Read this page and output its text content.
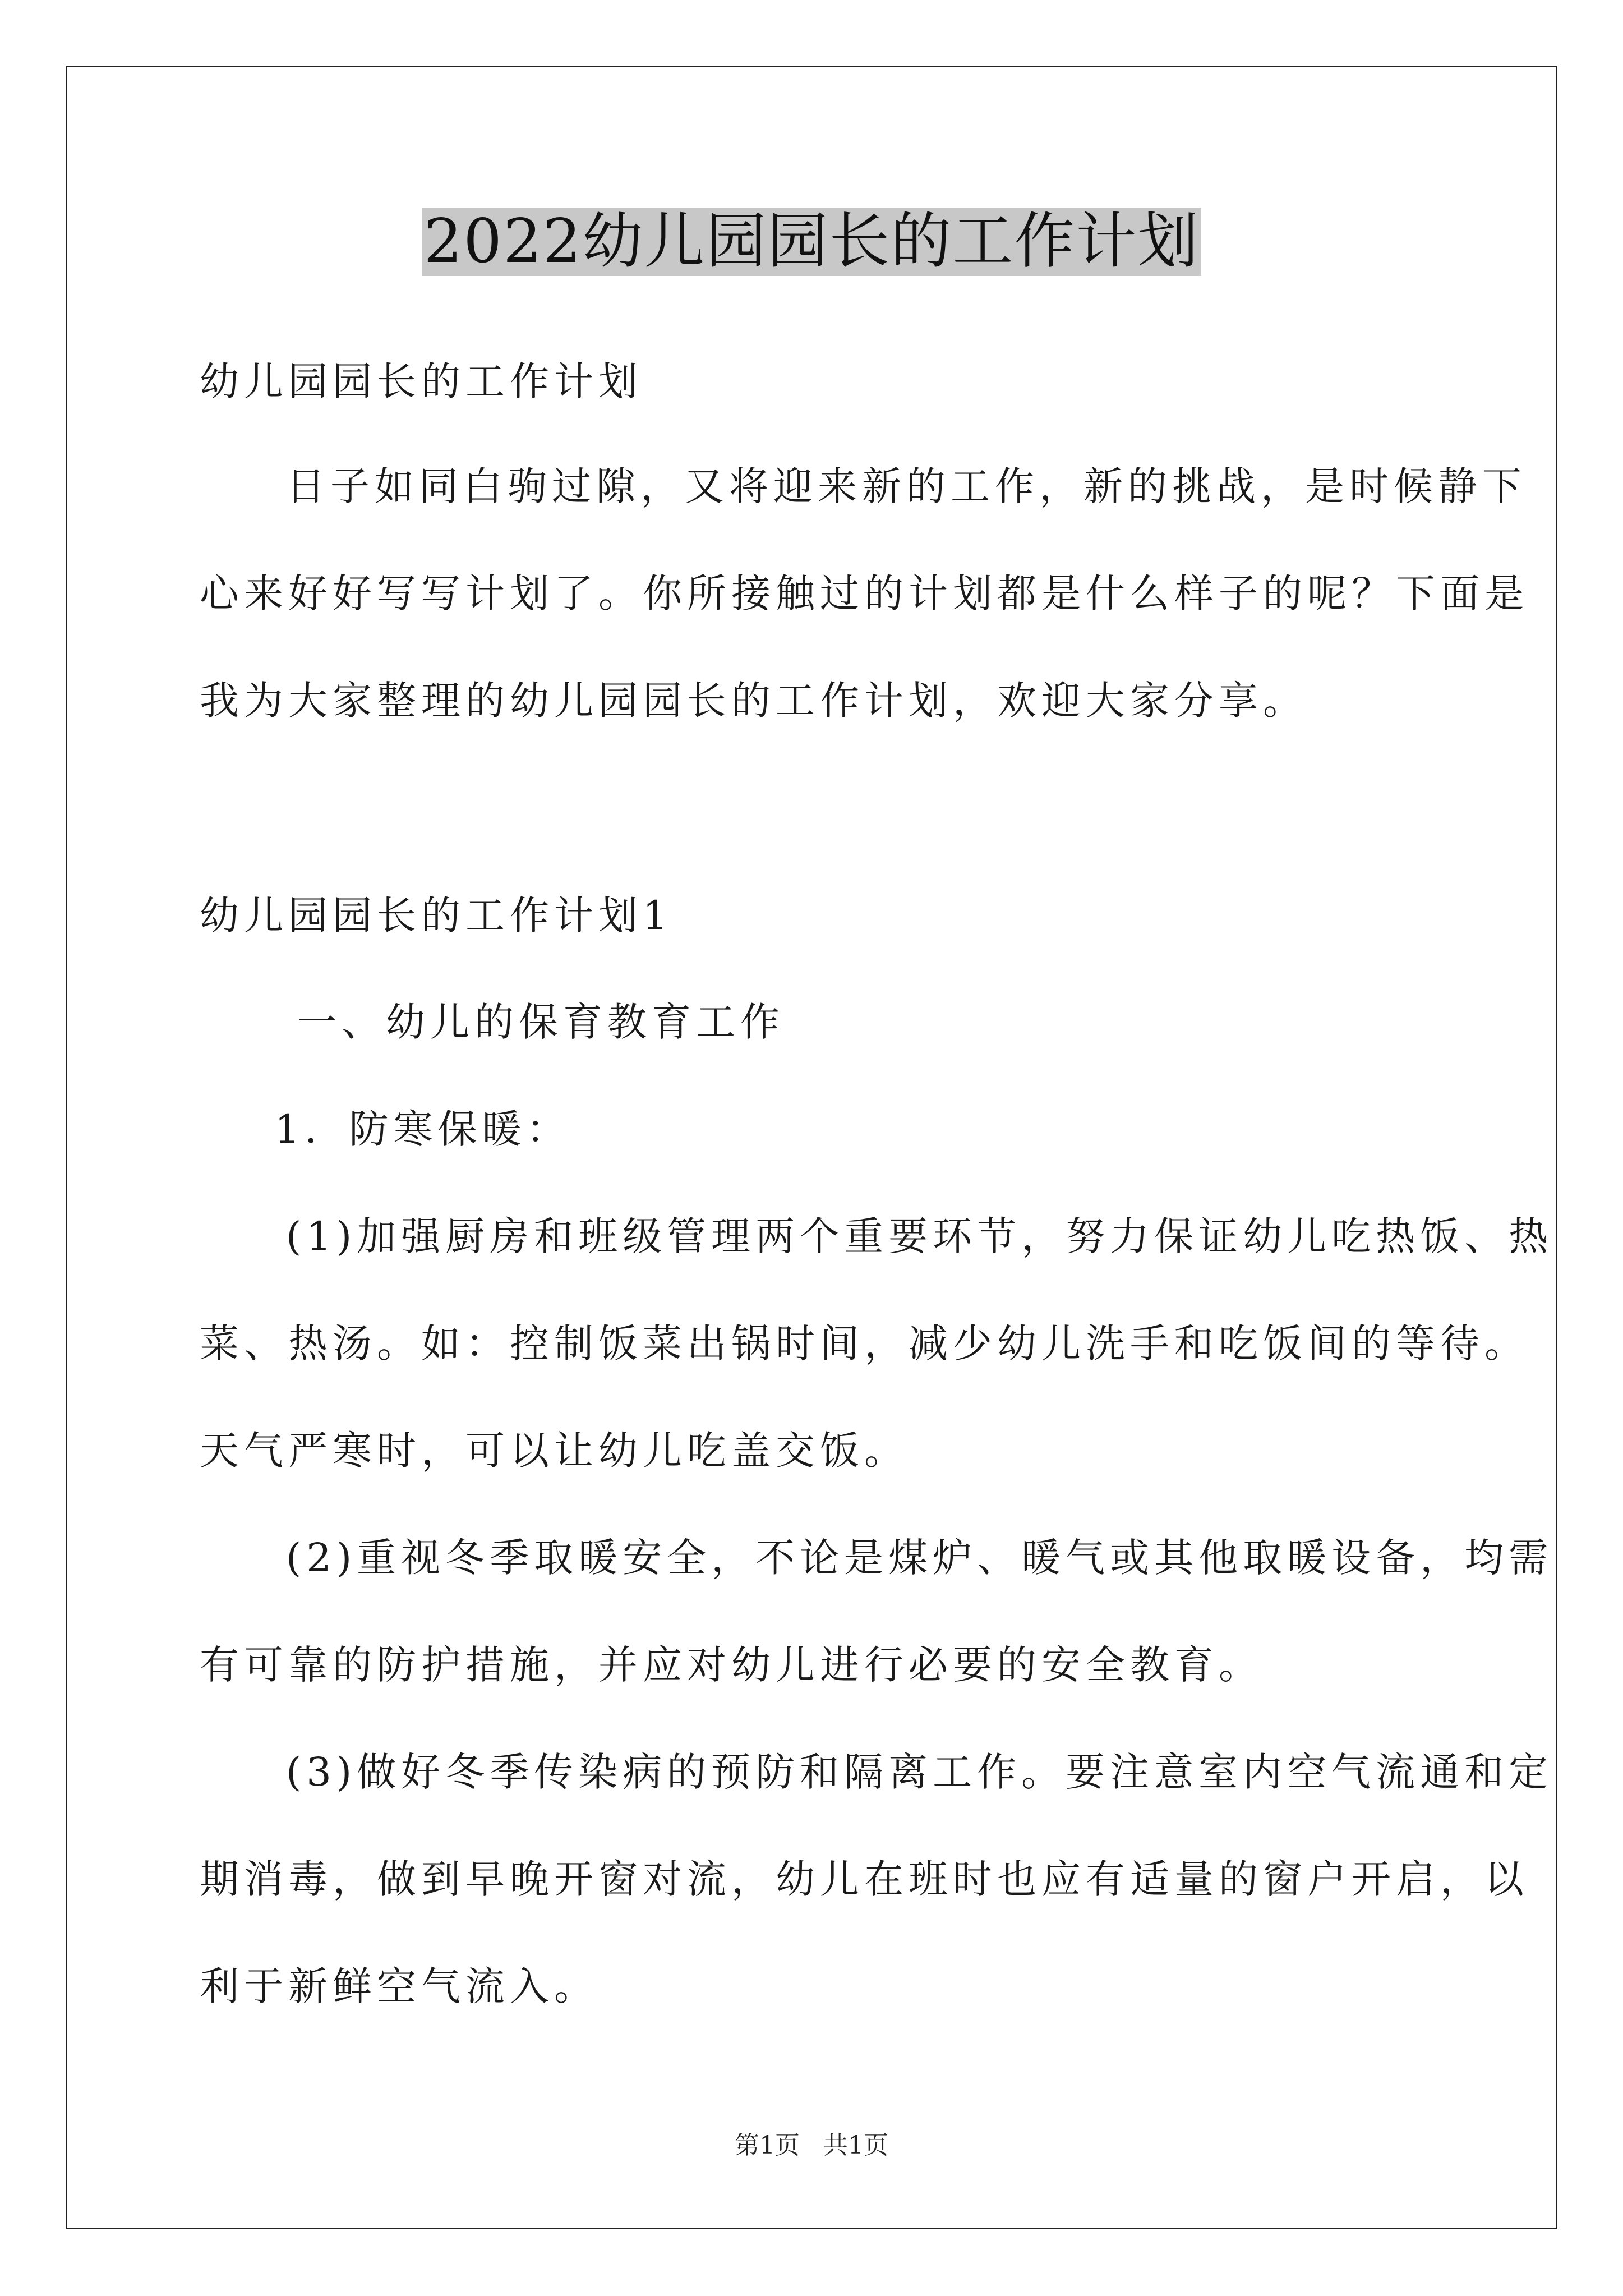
2022幼儿园园长的工作计划
幼儿园园长的工作计划
日子如同白驹过隙，又将迎来新的工作，新的挑战，是时候静下
心来好好写写计划了。你所接触过的计划都是什么样子的呢？下面是
我为大家整理的幼儿园园长的工作计划，欢迎大家分享。
幼儿园园长的工作计划1
一、幼儿的保育教育工作
1．防寒保暖：
(1)加强厨房和班级管理两个重要环节，努力保证幼儿吃热饭、热
菜、热汤。如：控制饭菜出锅时间，减少幼儿洗手和吃饭间的等待。
天气严寒时，可以让幼儿吃盖交饭。
(2)重视冬季取暖安全，不论是煤炉、暖气或其他取暖设备，均需
有可靠的防护措施，并应对幼儿进行必要的安全教育。
(3)做好冬季传染病的预防和隔离工作。要注意室内空气流通和定
期消毒，做到早晚开窗对流，幼儿在班时也应有适量的窗户开启，以
利于新鲜空气流入。
第1页   共1页
